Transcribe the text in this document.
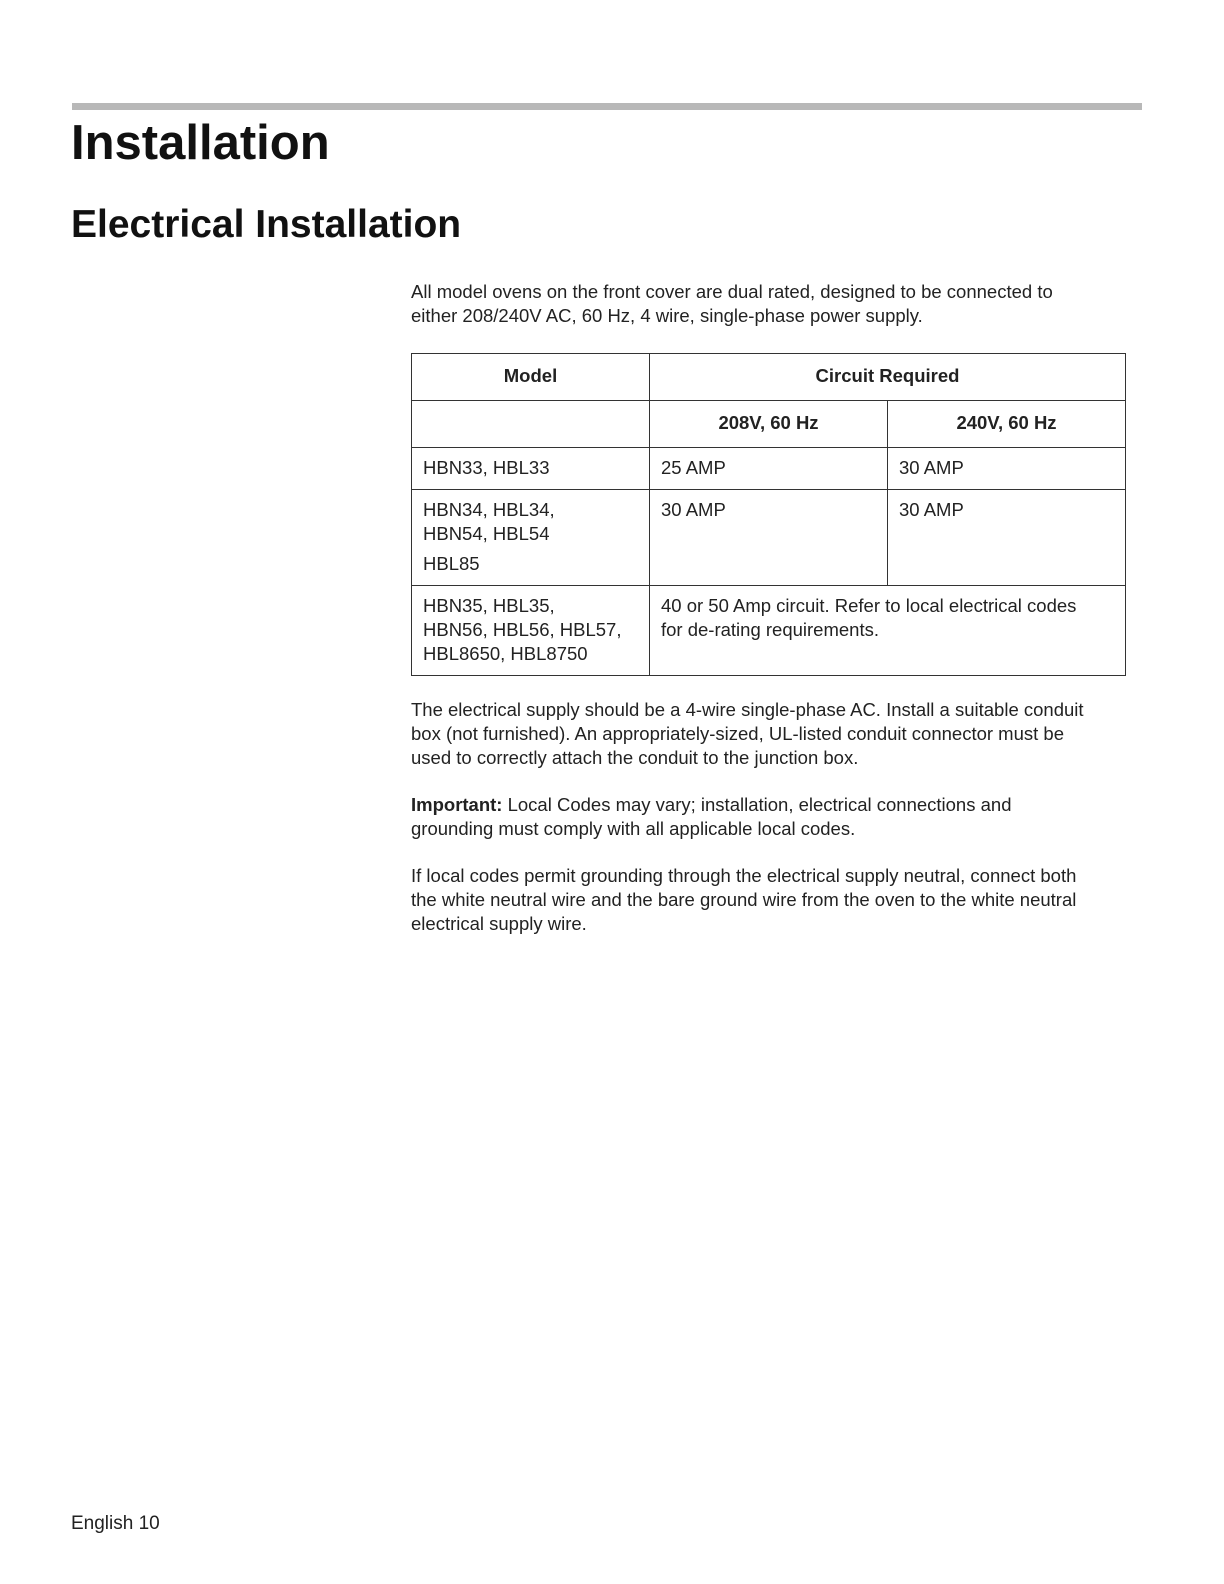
Installation
Electrical Installation

All model ovens on the front cover are dual rated, designed to be connected to
either 208/240V AC, 60 Hz, 4 wire, single-phase power supply.

Model	Circuit Required	
	208V, 60 Hz	240V, 60 Hz

HBN33, HBL33	25 AMP	30 AMP

HBN34, HBL34,
HBN54, HBL54
HBL85	30 AMP	30 AMP

HBN35, HBL35,
HBN56, HBL56, HBL57,
HBL8650, HBL8750	40 or 50 Amp circuit. Refer to local electrical codes
for de-rating requirements.	

The electrical supply should be a 4-wire single-phase AC. Install a suitable conduit
box (not furnished). An appropriately-sized, UL-listed conduit connector must be
used to correctly attach the conduit to the junction box.

Important: Local Codes may vary; installation, electrical connections and
grounding must comply with all applicable local codes.

If local codes permit grounding through the electrical supply neutral, connect both
the white neutral wire and the bare ground wire from the oven to the white neutral
electrical supply wire.

English 10
